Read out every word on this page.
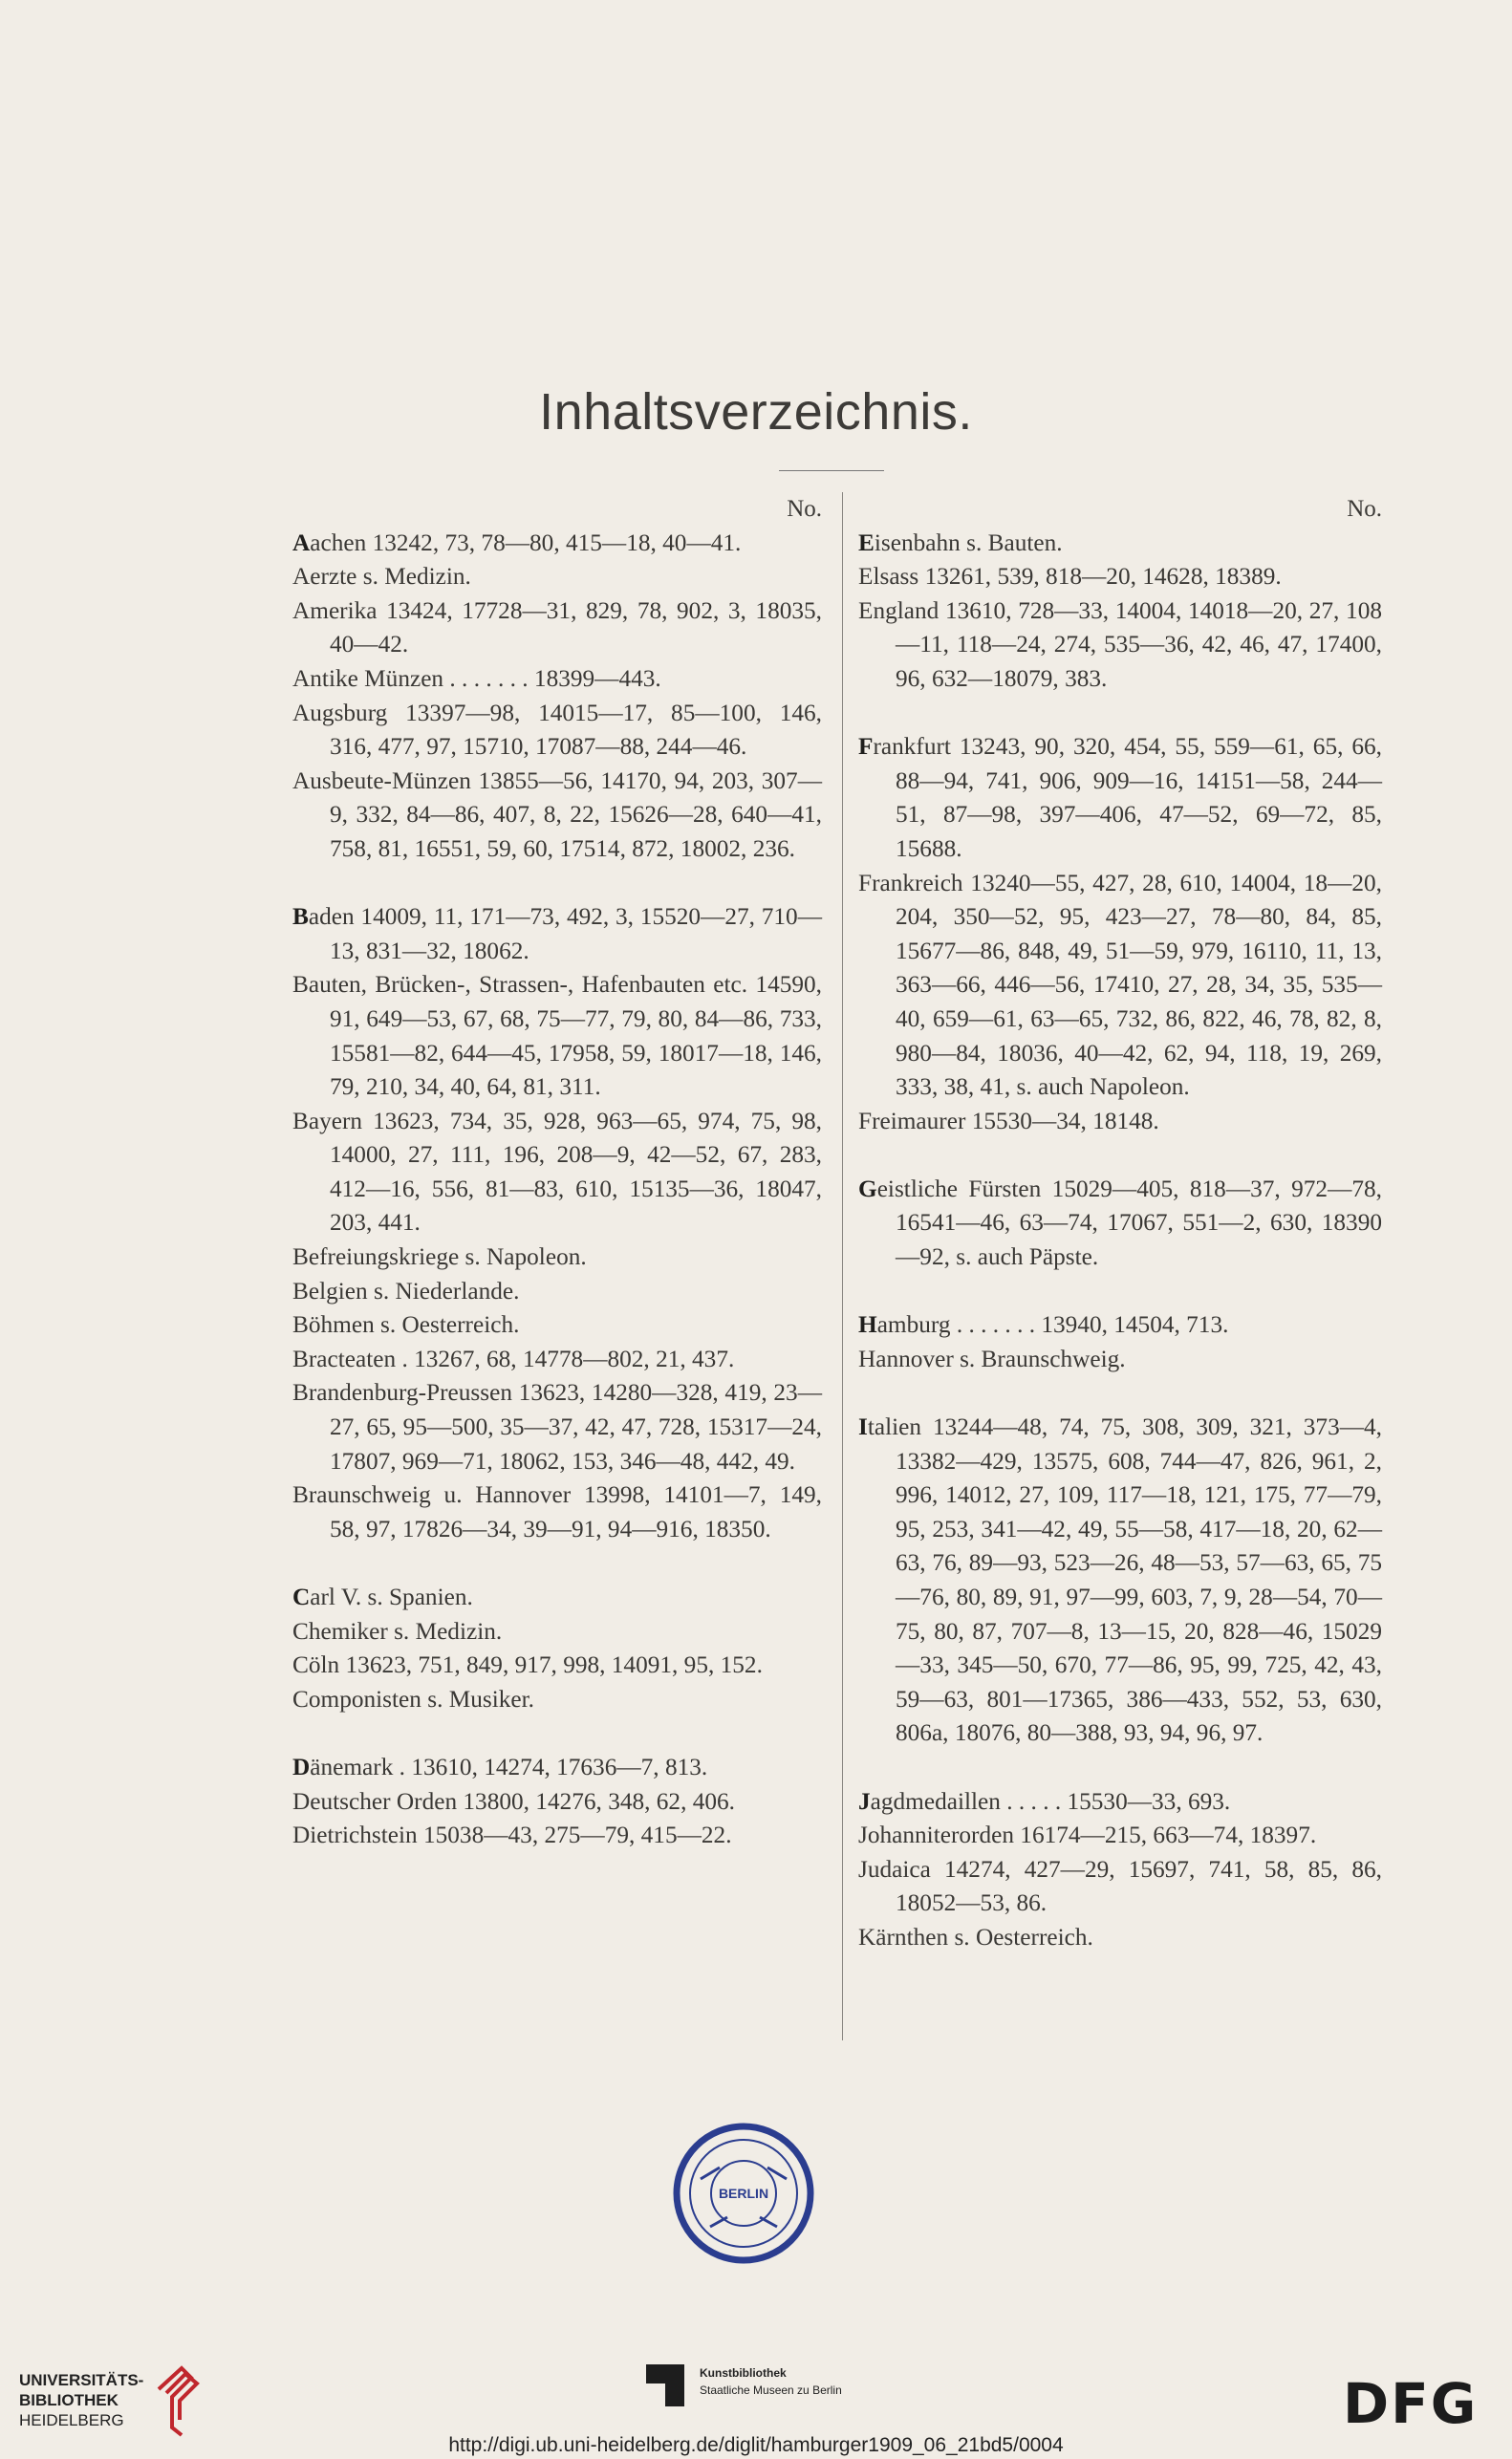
Inhaltsverzeichnis.
No.
Aachen 13242, 73, 78—80, 415—18, 40—41.
Aerzte s. Medizin.
Amerika 13424, 17728—31, 829, 78, 902, 3, 18035, 40—42.
Antike Münzen . . . . . . . 18399—443.
Augsburg 13397—98, 14015—17, 85—100, 146, 316, 477, 97, 15710, 17087—88, 244—46.
Ausbeute-Münzen 13855—56, 14170, 94, 203, 307—9, 332, 84—86, 407, 8, 22, 15626—28, 640—41, 758, 81, 16551, 59, 60, 17514, 872, 18002, 236.
Baden 14009, 11, 171—73, 492, 3, 15520—27, 710—13, 831—32, 18062.
Bauten, Brücken-, Strassen-, Hafenbauten etc. 14590, 91, 649—53, 67, 68, 75—77, 79, 80, 84—86, 733, 15581—82, 644—45, 17958, 59, 18017—18, 146, 79, 210, 34, 40, 64, 81, 311.
Bayern 13623, 734, 35, 928, 963—65, 974, 75, 98, 14000, 27, 111, 196, 208—9, 42—52, 67, 283, 412—16, 556, 81—83, 610, 15135—36, 18047, 203, 441.
Befreiungskriege s. Napoleon.
Belgien s. Niederlande.
Böhmen s. Oesterreich.
Bracteaten . 13267, 68, 14778—802, 21, 437.
Brandenburg-Preussen 13623, 14280—328, 419, 23—27, 65, 95—500, 35—37, 42, 47, 728, 15317—24, 17807, 969—71, 18062, 153, 346—48, 442, 49.
Braunschweig u. Hannover 13998, 14101—7, 149, 58, 97, 17826—34, 39—91, 94—916, 18350.
Carl V. s. Spanien.
Chemiker s. Medizin.
Cöln 13623, 751, 849, 917, 998, 14091, 95, 152.
Componisten s. Musiker.
Dänemark . 13610, 14274, 17636—7, 813.
Deutscher Orden 13800, 14276, 348, 62, 406.
Dietrichstein 15038—43, 275—79, 415—22.
No.
Eisenbahn s. Bauten.
Elsass 13261, 539, 818—20, 14628, 18389.
England 13610, 728—33, 14004, 14018—20, 27, 108—11, 118—24, 274, 535—36, 42, 46, 47, 17400, 96, 632—18079, 383.
Frankfurt 13243, 90, 320, 454, 55, 559—61, 65, 66, 88—94, 741, 906, 909—16, 14151—58, 244—51, 87—98, 397—406, 47—52, 69—72, 85, 15688.
Frankreich 13240—55, 427, 28, 610, 14004, 18—20, 204, 350—52, 95, 423—27, 78—80, 84, 85, 15677—86, 848, 49, 51—59, 979, 16110, 11, 13, 363—66, 446—56, 17410, 27, 28, 34, 35, 535—40, 659—61, 63—65, 732, 86, 822, 46, 78, 82, 8, 980—84, 18036, 40—42, 62, 94, 118, 19, 269, 333, 38, 41, s. auch Napoleon.
Freimaurer 15530—34, 18148.
Geistliche Fürsten 15029—405, 818—37, 972—78, 16541—46, 63—74, 17067, 551—2, 630, 18390—92, s. auch Päpste.
Hamburg . . . . . . . 13940, 14504, 713.
Hannover s. Braunschweig.
Italien 13244—48, 74, 75, 308, 309, 321, 373—4, 13382—429, 13575, 608, 744—47, 826, 961, 2, 996, 14012, 27, 109, 117—18, 121, 175, 77—79, 95, 253, 341—42, 49, 55—58, 417—18, 20, 62—63, 76, 89—93, 523—26, 48—53, 57—63, 65, 75—76, 80, 89, 91, 97—99, 603, 7, 9, 28—54, 70—75, 80, 87, 707—8, 13—15, 20, 828—46, 15029—33, 345—50, 670, 77—86, 95, 99, 725, 42, 43, 59—63, 801—17365, 386—433, 552, 53, 630, 806a, 18076, 80—388, 93, 94, 96, 97.
Jagdmedaillen . . . . . 15530—33, 693.
Johanniterorden 16174—215, 663—74, 18397.
Judaica 14274, 427—29, 15697, 741, 58, 85, 86, 18052—53, 86.
Kärnthen s. Oesterreich.
BERLIN
UNIVERSITÄTS-
BIBLIOTHEK
HEIDELBERG
Kunstbibliothek
Staatliche Museen zu Berlin	DFG
http://digi.ub.uni-heidelberg.de/diglit/hamburger1909_06_21bd5/0004
